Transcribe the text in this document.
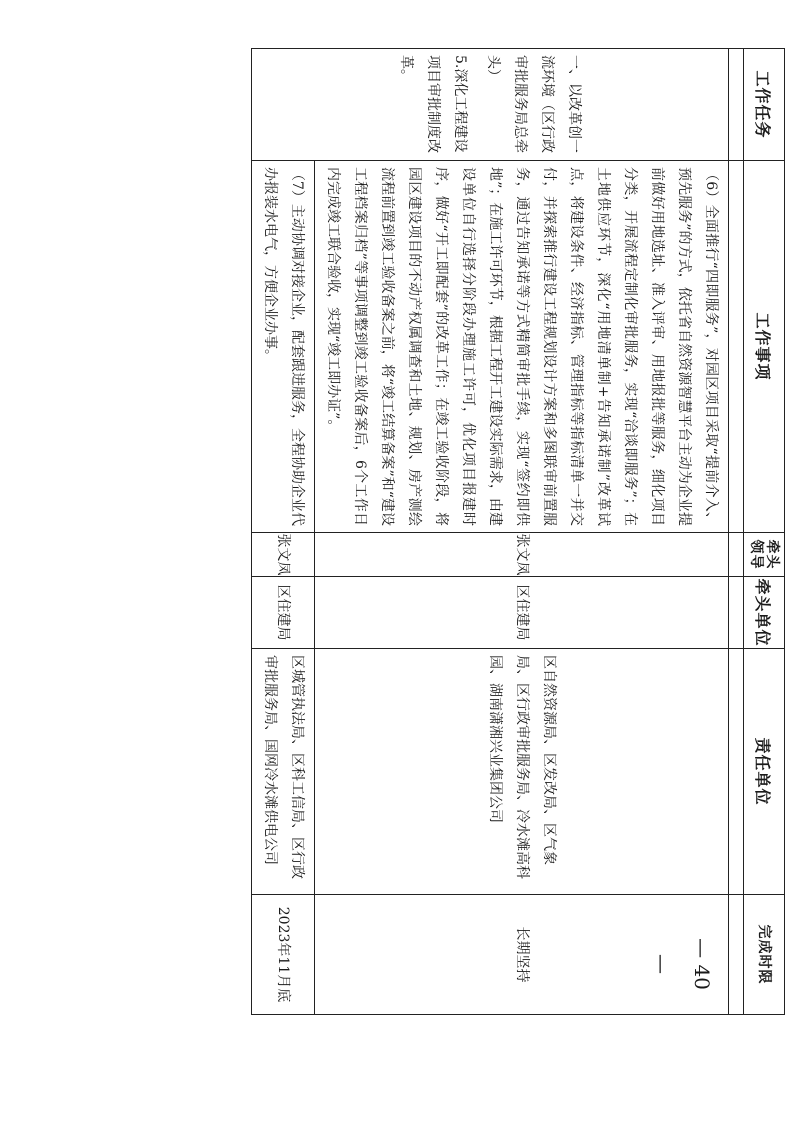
工作任务	工作事项	牵头领导	牵头单位	责任单位	完成时限

一、以改革创一流环境（区行政审批服务局总牵头）
5.深化工程建设项目审批制度改革。	（6）全面推行“四即服务”，对园区项目采取“提前介入、预先服务”的方式，依托省自然资源智慧平台主动为企业提前做好用地选址、准入评审、用地报批等服务，细化项目分类，开展流程定制化审批服务，实现“洽谈即服务”；在土地供应环节，深化“用地清单制+告知承诺制”改革试点，将建设条件、经济指标、管理指标等指标清单一并交付，并探索推行建设工程规划设计方案和多图联审前置服务，通过告知承诺等方式精简审批手续，实现“签约即供地”；在施工许可环节，根据工程开工建设实际需求，由建设单位自行选择分阶段办理施工许可，优化项目报建时序，做好“开工即配套”的改革工作；在竣工验收阶段，将园区建设项目的不动产权属调查和土地、规划、房产测绘流程前置到竣工验收备案之前，将“竣工结算备案”和“建设工程档案归档”等事项调整到竣工验收备案后，6个工作日内完成竣工联合验收，实现“竣工即办证”。	张文凤	区住建局	区自然资源局、区发改局、区气象局、区行政审批服务局、冷水滩高科园、湖南潇湘兴业集团公司	长期坚持
	（7）主动协调对接企业，配套跟进服务，全程协助企业代办报装水电气，方便企业办事。	张文凤	区住建局	区城管执法局、区科工信局、区行政审批服务局、国网冷水滩供电公司	2023年11月底	— 40 —
